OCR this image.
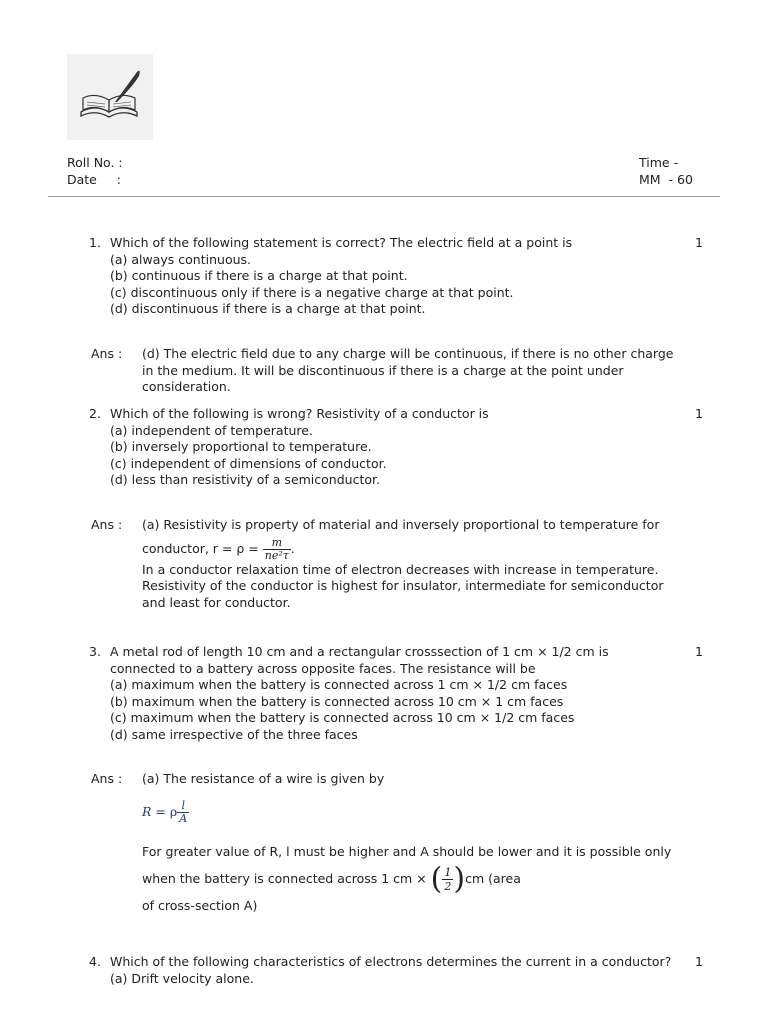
Roll No. :
Date     :
Time -
MM  - 60
1. Which of the following statement is correct? The electric field at a point is
(a) always continuous.
(b) continuous if there is a charge at that point.
(c) discontinuous only if there is a negative charge at that point.
(d) discontinuous if there is a charge at that point.
1
Ans : (d) The electric field due to any charge will be continuous, if there is no other charge in the medium. It will be discontinuous if there is a charge at the point under consideration.
2. Which of the following is wrong? Resistivity of a conductor is
(a) independent of temperature.
(b) inversely proportional to temperature.
(c) independent of dimensions of conductor.
(d) less than resistivity of a semiconductor.
1
Ans : (a) Resistivity is property of material and inversely proportional to temperature for
conductor, $r = \rho = \frac{m}{\text{ne²τ}}$ .
In a conductor relaxation time of electron decreases with increase in temperature.
Resistivity of the conductor is highest for insulator, intermediate for semiconductor and least for conductor.
3. A metal rod of length 10 cm and a rectangular crosssection of 1 cm × 1/2 cm is connected to a battery across opposite faces. The resistance will be
(a) maximum when the battery is connected across 1 cm × 1/2 cm faces
(b) maximum when the battery is connected across 10 cm × 1 cm faces
(c) maximum when the battery is connected across 10 cm × 1/2 cm faces
(d) same irrespective of the three faces
1
Ans : (a) The resistance of a wire is given by
R = ρ $\frac{l}{A}$
For greater value of R, l must be higher and A should be lower and it is possible only
when the battery is connected across 1 cm × ( $\frac{1}{2} )cm$ (area
of cross-section A)
4. Which of the following characteristics of electrons determines the current in a conductor?
(a) Drift velocity alone.
1
